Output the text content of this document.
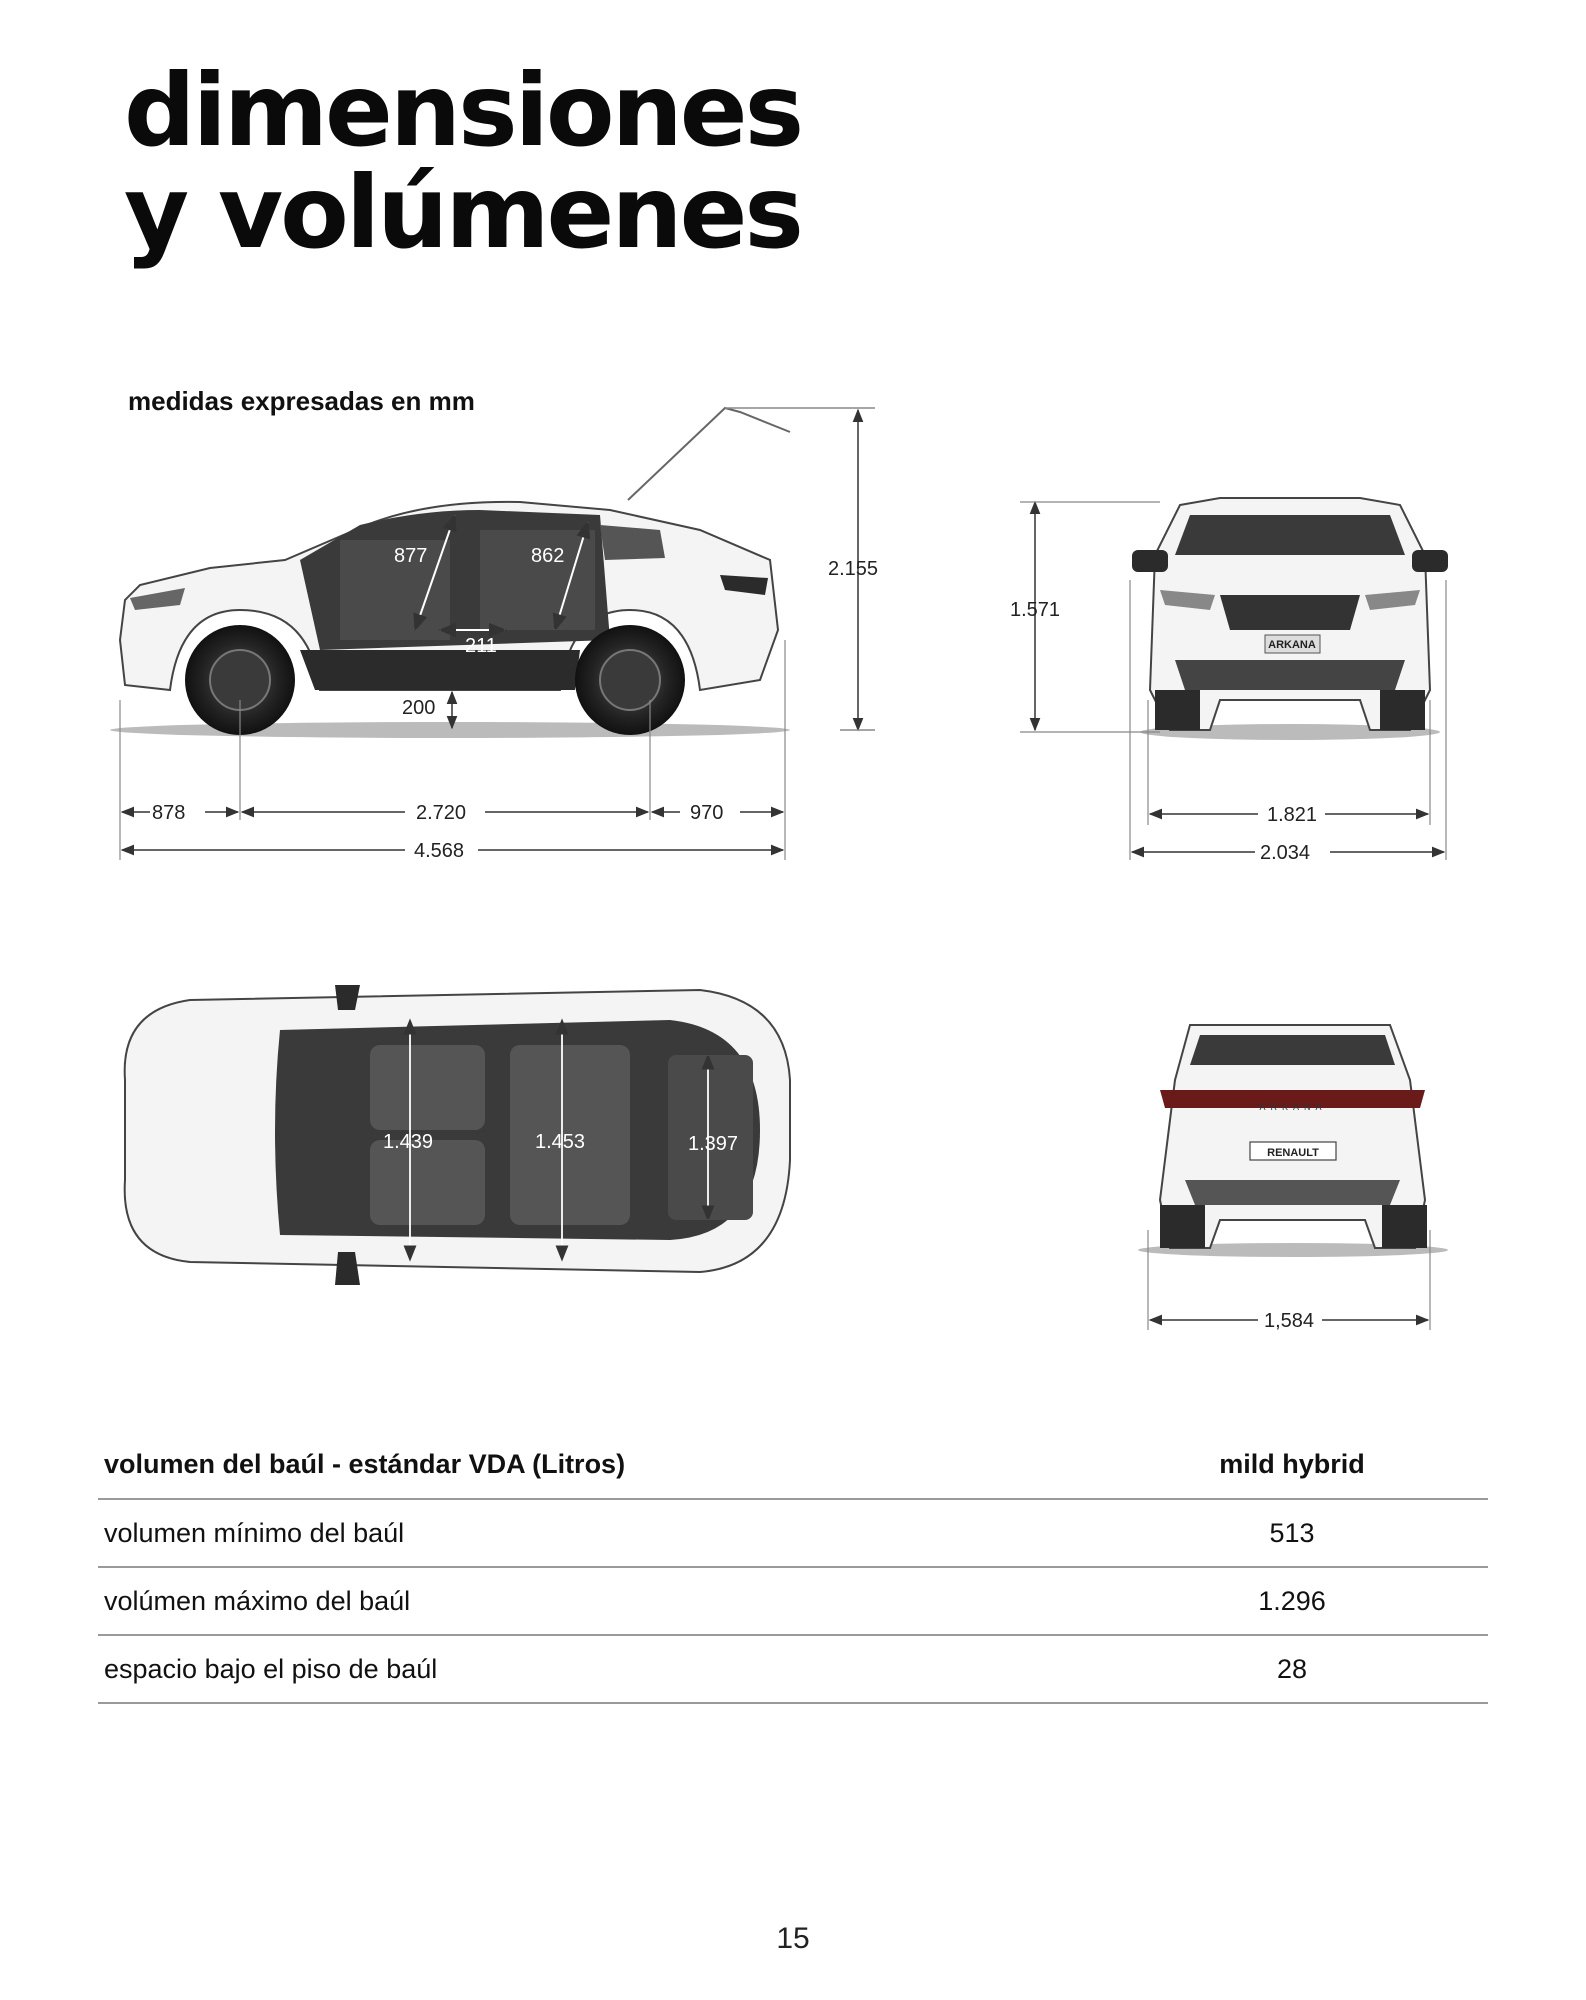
dimensiones
y volúmenes
medidas expresadas en mm
877	862
211
200
2.155
878	2.720	970
4.568
ARKANA
1.571
1.821
2.034
1.439	1.453	1.397
ARKANA
RENAULT
1,584
volumen del baúl - estándar VDA (Litros)	mild hybrid
volumen mínimo del baúl	513
volúmen máximo del baúl	1.296
espacio bajo el piso de baúl	28
15
